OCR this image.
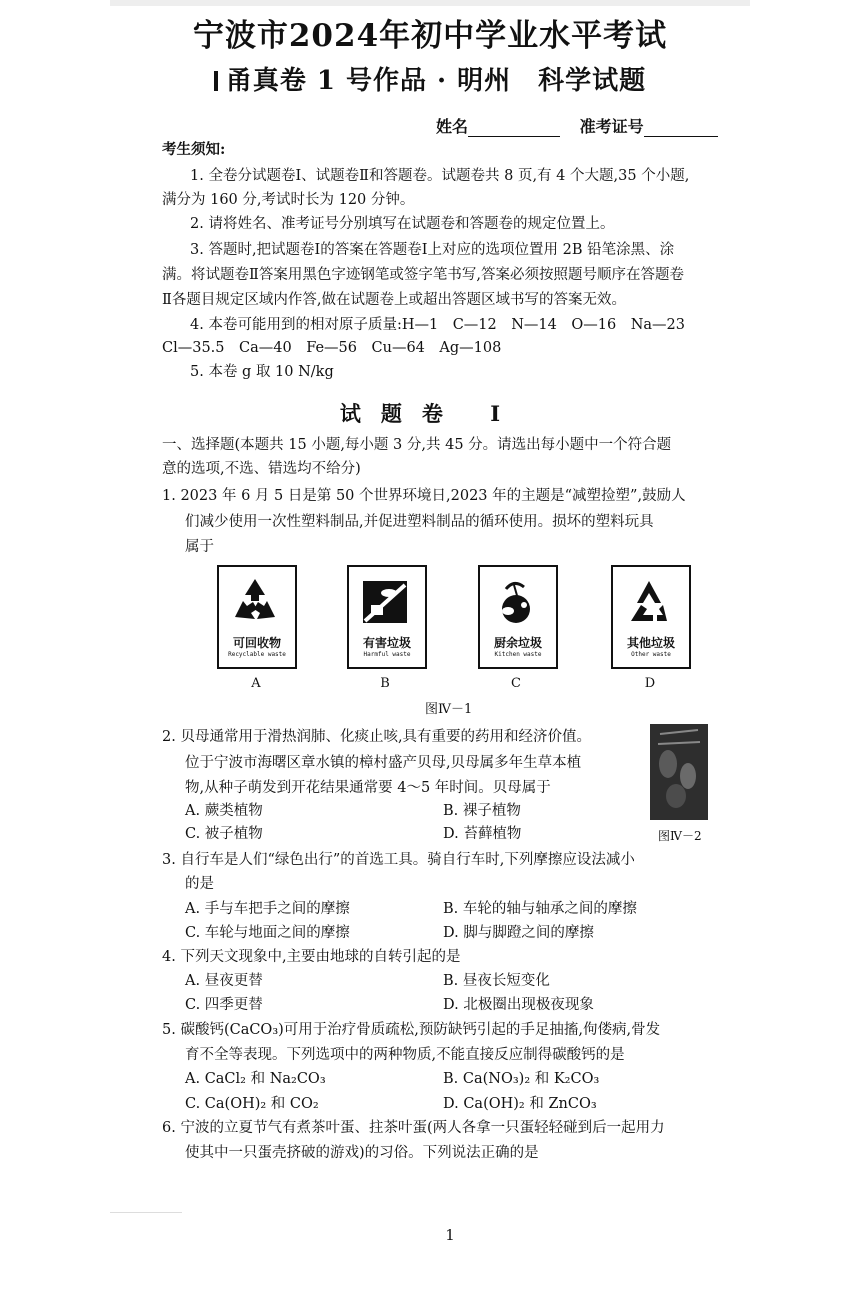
宁波市2024年初中学业水平考试
甬真卷 1 号作品 · 明州　科学试题
姓名	准考证号
考生须知:
1. 全卷分试题卷Ⅰ、试题卷Ⅱ和答题卷。试题卷共 8 页,有 4 个大题,35 个小题,
满分为 160 分,考试时长为 120 分钟。
2. 请将姓名、准考证号分别填写在试题卷和答题卷的规定位置上。
3. 答题时,把试题卷Ⅰ的答案在答题卷Ⅰ上对应的选项位置用 2B 铅笔涂黑、涂
满。将试题卷Ⅱ答案用黑色字迹钢笔或签字笔书写,答案必须按照题号顺序在答题卷
Ⅱ各题目规定区域内作答,做在试题卷上或超出答题区域书写的答案无效。
4. 本卷可能用到的相对原子质量:H—1　C—12　N—14　O—16　Na—23
Cl—35.5　Ca—40　Fe—56　Cu—64　Ag—108
5. 本卷 g 取 10 N/kg
试题卷 Ⅰ
一、选择题(本题共 15 小题,每小题 3 分,共 45 分。请选出每小题中一个符合题
意的选项,不选、错选均不给分)
1. 2023 年 6 月 5 日是第 50 个世界环境日,2023 年的主题是“减塑捡塑”,鼓励人
们减少使用一次性塑料制品,并促进塑料制品的循环使用。损坏的塑料玩具
属于
可回收物
Recyclable waste
有害垃圾
Harmful waste
厨余垃圾
Kitchen waste
其他垃圾
Other waste
A	B	C	D
图Ⅳ－1
2. 贝母通常用于滑热润肺、化痰止咳,具有重要的药用和经济价值。
位于宁波市海曙区章水镇的樟村盛产贝母,贝母属多年生草本植
物,从种子萌发到开花结果通常要 4～5 年时间。贝母属于
A. 蕨类植物	B. 裸子植物
C. 被子植物	D. 苔藓植物	图Ⅳ－2
3. 自行车是人们“绿色出行”的首选工具。骑自行车时,下列摩擦应设法减小
的是
A. 手与车把手之间的摩擦	B. 车轮的轴与轴承之间的摩擦
C. 车轮与地面之间的摩擦	D. 脚与脚蹬之间的摩擦
4. 下列天文现象中,主要由地球的自转引起的是
A. 昼夜更替	B. 昼夜长短变化
C. 四季更替	D. 北极圈出现极夜现象
5. 碳酸钙(CaCO₃)可用于治疗骨质疏松,预防缺钙引起的手足抽搐,佝偻病,骨发
育不全等表现。下列选项中的两种物质,不能直接反应制得碳酸钙的是
A. CaCl₂ 和 Na₂CO₃	B. Ca(NO₃)₂ 和 K₂CO₃
C. Ca(OH)₂ 和 CO₂	D. Ca(OH)₂ 和 ZnCO₃
6. 宁波的立夏节气有煮茶叶蛋、拄茶叶蛋(两人各拿一只蛋轻轻碰到后一起用力
使其中一只蛋壳挤破的游戏)的习俗。下列说法正确的是
1
